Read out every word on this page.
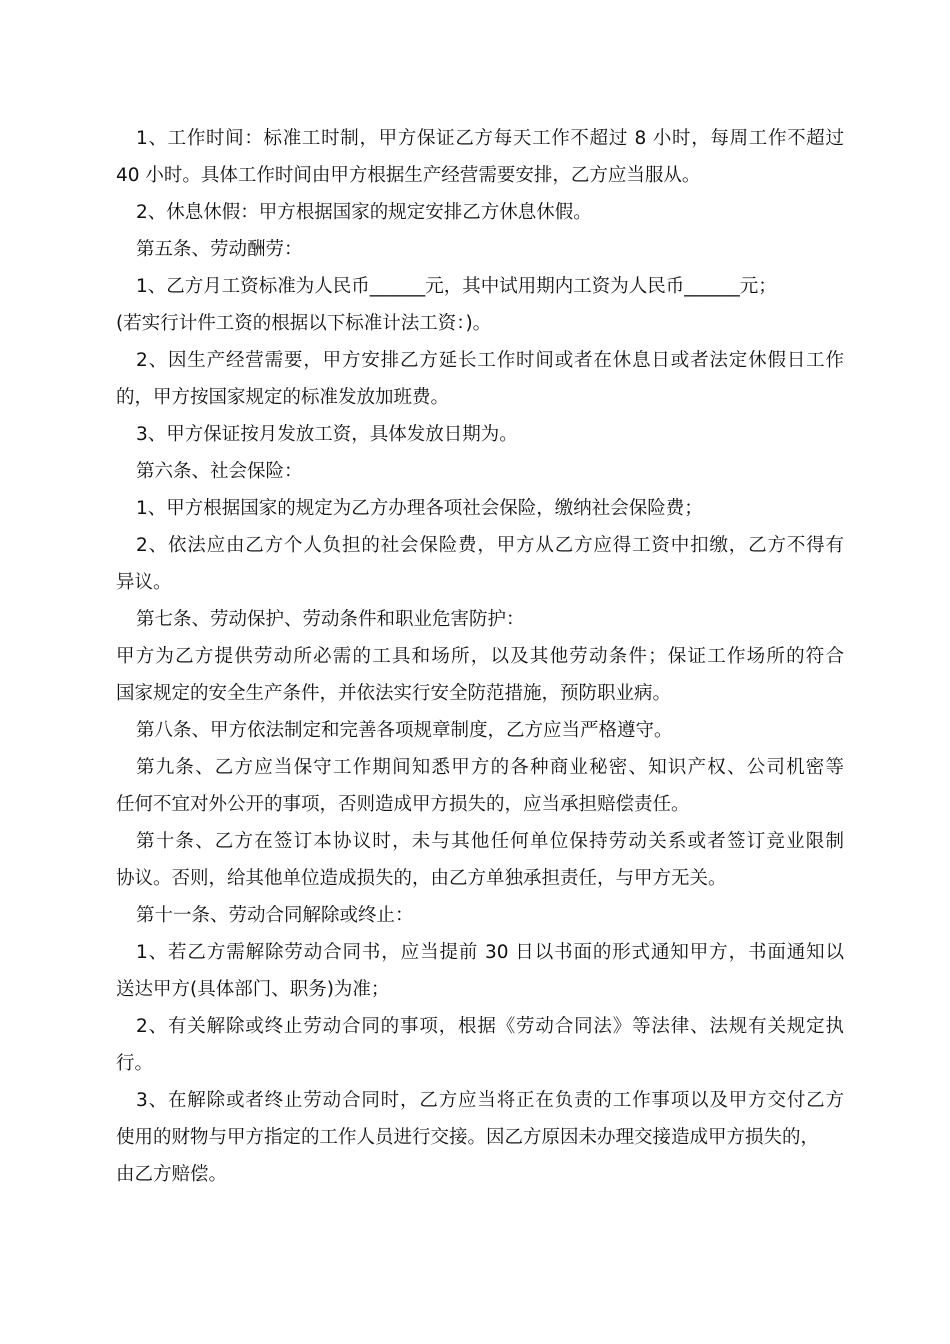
1、工作时间：标准工时制，甲方保证乙方每天工作不超过 8 小时，每周工作不超过
40 小时。具体工作时间由甲方根据生产经营需要安排，乙方应当服从。
2、休息休假：甲方根据国家的规定安排乙方休息休假。
第五条、劳动酬劳：
1、乙方月工资标准为人民币______元，其中试用期内工资为人民币______元；
(若实行计件工资的根据以下标准计法工资：)。
2、因生产经营需要，甲方安排乙方延长工作时间或者在休息日或者法定休假日工作
的，甲方按国家规定的标准发放加班费。
3、甲方保证按月发放工资，具体发放日期为。
第六条、社会保险：
1、甲方根据国家的规定为乙方办理各项社会保险，缴纳社会保险费；
2、依法应由乙方个人负担的社会保险费，甲方从乙方应得工资中扣缴，乙方不得有
异议。
第七条、劳动保护、劳动条件和职业危害防护：
甲方为乙方提供劳动所必需的工具和场所，以及其他劳动条件；保证工作场所的符合
国家规定的安全生产条件，并依法实行安全防范措施，预防职业病。
第八条、甲方依法制定和完善各项规章制度，乙方应当严格遵守。
第九条、乙方应当保守工作期间知悉甲方的各种商业秘密、知识产权、公司机密等
任何不宜对外公开的事项，否则造成甲方损失的，应当承担赔偿责任。
第十条、乙方在签订本协议时，未与其他任何单位保持劳动关系或者签订竞业限制
协议。否则，给其他单位造成损失的，由乙方单独承担责任，与甲方无关。
第十一条、劳动合同解除或终止：
1、若乙方需解除劳动合同书，应当提前 30 日以书面的形式通知甲方，书面通知以
送达甲方(具体部门、职务)为准；
2、有关解除或终止劳动合同的事项，根据《劳动合同法》等法律、法规有关规定执
行。
3、在解除或者终止劳动合同时，乙方应当将正在负责的工作事项以及甲方交付乙方
使用的财物与甲方指定的工作人员进行交接。因乙方原因未办理交接造成甲方损失的，
由乙方赔偿。
